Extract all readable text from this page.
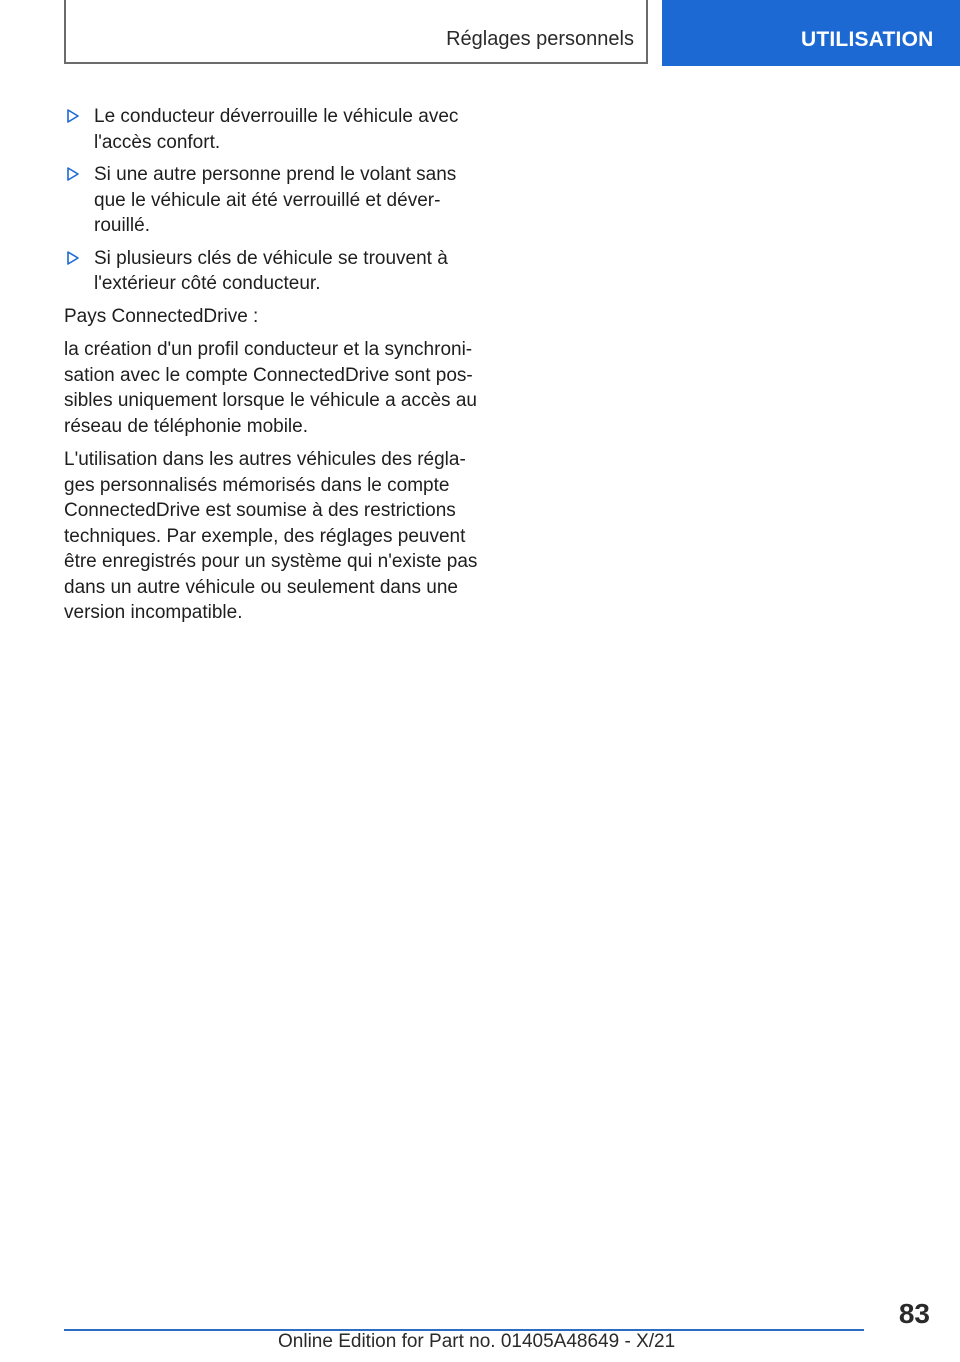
Réglages personnels	UTILISATION
Le conducteur déverrouille le véhicule avec
l'accès confort.
Si une autre personne prend le volant sans
que le véhicule ait été verrouillé et déver-
rouillé.
Si plusieurs clés de véhicule se trouvent à
l'extérieur côté conducteur.
Pays ConnectedDrive :
la création d'un profil conducteur et la synchroni-
sation avec le compte ConnectedDrive sont pos-
sibles uniquement lorsque le véhicule a accès au
réseau de téléphonie mobile.
L'utilisation dans les autres véhicules des régla-
ges personnalisés mémorisés dans le compte
ConnectedDrive est soumise à des restrictions
techniques. Par exemple, des réglages peuvent
être enregistrés pour un système qui n'existe pas
dans un autre véhicule ou seulement dans une
version incompatible.
83
Online Edition for Part no. 01405A48649 - X/21
